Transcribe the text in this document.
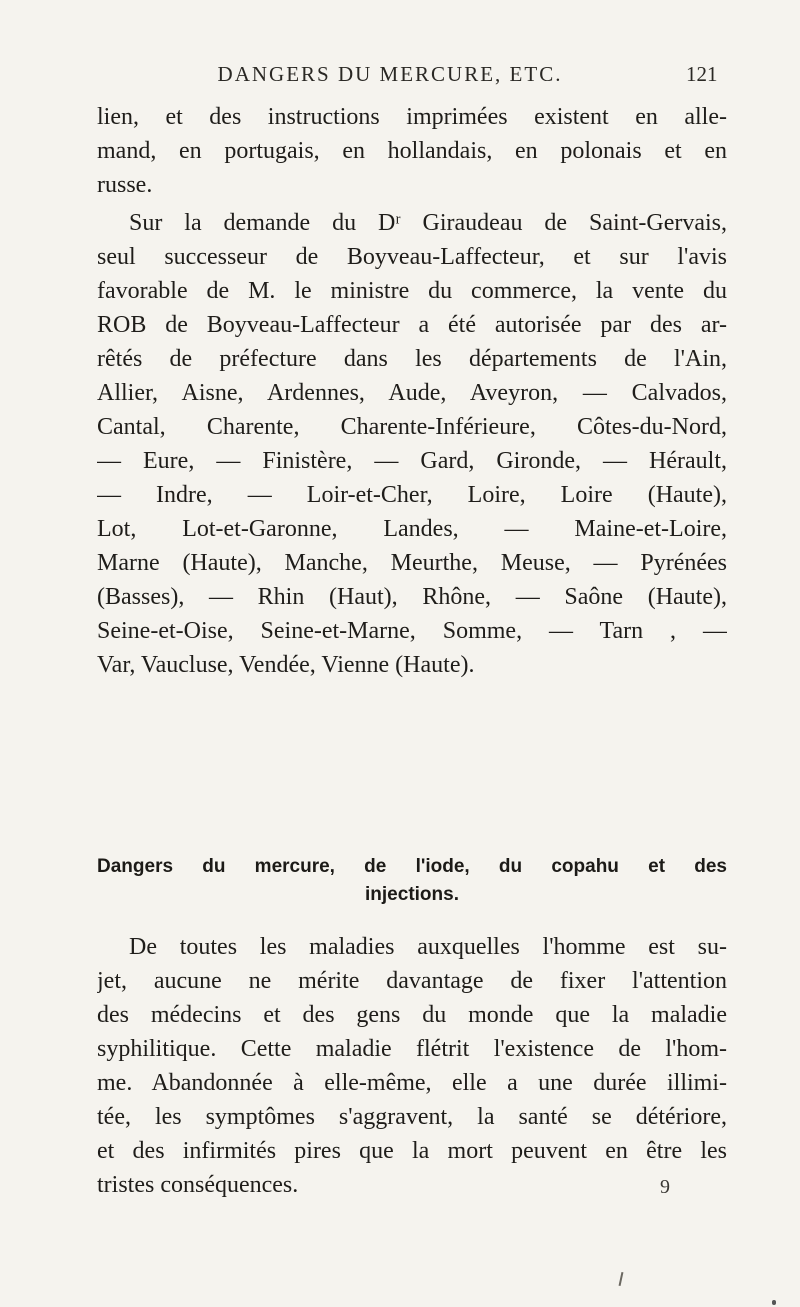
DANGERS DU MERCURE, ETC.	121
lien, et des instructions imprimées existent en alle-
mand, en portugais, en hollandais, en polonais et en
russe.
Sur la demande du Dʳ Giraudeau de Saint-Gervais,
seul successeur de Boyveau-Laffecteur, et sur l'avis
favorable de M. le ministre du commerce, la vente du
ROB de Boyveau-Laffecteur a été autorisée par des ar-
rêtés de préfecture dans les départements de l'Ain,
Allier, Aisne, Ardennes, Aude, Aveyron, — Calvados,
Cantal, Charente, Charente-Inférieure, Côtes-du-Nord,
— Eure, — Finistère, — Gard, Gironde, — Hérault,
— Indre, — Loir-et-Cher, Loire, Loire (Haute),
Lot, Lot-et-Garonne, Landes, — Maine-et-Loire,
Marne (Haute), Manche, Meurthe, Meuse, — Pyrénées
(Basses), — Rhin (Haut), Rhône, — Saône (Haute),
Seine-et-Oise, Seine-et-Marne, Somme, — Tarn , —
Var, Vaucluse, Vendée, Vienne (Haute).
Dangers du mercure, de l'iode, du copahu et des
injections.
De toutes les maladies auxquelles l'homme est su-
jet, aucune ne mérite davantage de fixer l'attention
des médecins et des gens du monde que la maladie
syphilitique. Cette maladie flétrit l'existence de l'hom-
me. Abandonnée à elle-même, elle a une durée illimi-
tée, les symptômes s'aggravent, la santé se détériore,
et des infirmités pires que la mort peuvent en être les
tristes conséquences.	9
